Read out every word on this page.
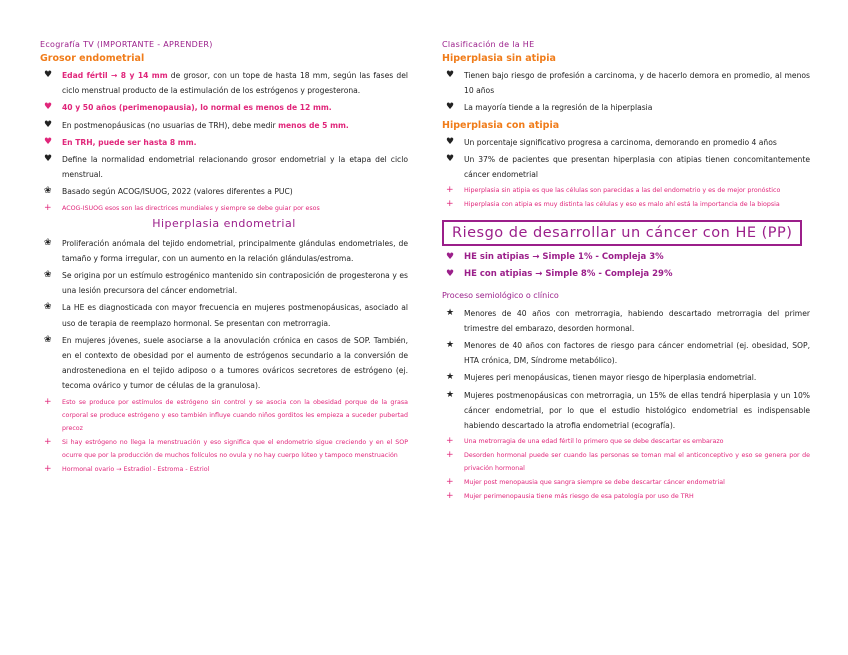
Ecografía TV (IMPORTANTE - APRENDER)
Grosor endometrial
♥ Edad fértil → 8 y 14 mm de grosor, con un tope de hasta 18 mm, según las fases del ciclo menstrual producto de la estimulación de los estrógenos y progesterona.
♥ 40 y 50 años (perimenopausia), lo normal es menos de 12 mm.
♥ En postmenopáusicas (no usuarias de TRH), debe medir menos de 5 mm.
♥ En TRH, puede ser hasta 8 mm.
♥ Define la normalidad endometrial relacionando grosor endometrial y la etapa del ciclo menstrual.
❀ Basado según ACOG/ISUOG, 2022 (valores diferentes a PUC)
+ ACOG-ISUOG esos son las directrices mundiales y siempre se debe guiar por esos
Hiperplasia endometrial
❀ Proliferación anómala del tejido endometrial, principalmente glándulas endometriales, de tamaño y forma irregular, con un aumento en la relación glándulas/estroma.
❀ Se origina por un estímulo estrogénico mantenido sin contraposición de progesterona y es una lesión precursora del cáncer endometrial.
❀ La HE es diagnosticada con mayor frecuencia en mujeres postmenopáusicas, asociado al uso de terapia de reemplazo hormonal. Se presentan con metrorragia.
❀ En mujeres jóvenes, suele asociarse a la anovulación crónica en casos de SOP. También, en el contexto de obesidad por el aumento de estrógenos secundario a la conversión de androstenediona en el tejido adiposo o a tumores ováricos secretores de estrógeno (ej. tecoma ovárico y tumor de células de la granulosa).
+ Esto se produce por estímulos de estrógeno sin control y se asocia con la obesidad porque de la grasa corporal se produce estrógeno y eso también influye cuando niños gorditos les empieza a suceder pubertad precoz
+ Si hay estrógeno no llega la menstruación y eso significa que el endometrio sigue creciendo y en el SOP ocurre que por la producción de muchos folículos no ovula y no hay cuerpo lúteo y tampoco menstruación
+ Hormonal ovario → Estradiol - Estroma - Estriol
Clasificación de la HE
Hiperplasia sin atipia
♥ Tienen bajo riesgo de profesión a carcinoma, y de hacerlo demora en promedio, al menos 10 años
♥ La mayoría tiende a la regresión de la hiperplasia
Hiperplasia con atipia
♥ Un porcentaje significativo progresa a carcinoma, demorando en promedio 4 años
♥ Un 37% de pacientes que presentan hiperplasia con atipias tienen concomitantemente cáncer endometrial
+ Hiperplasia sin atipia es que las células son parecidas a las del endometrio y es de mejor pronóstico
+ Hiperplasia con atipia es muy distinta las células y eso es malo ahí está la importancia de la biopsia
Riesgo de desarrollar un cáncer con HE (PP)
♥ HE sin atipias → Simple 1% - Compleja 3%
♥ HE con atipias → Simple 8% - Compleja 29%
Proceso semiológico o clínico
★ Menores de 40 años con metrorragia, habiendo descartado metrorragia del primer trimestre del embarazo, desorden hormonal.
★ Menores de 40 años con factores de riesgo para cáncer endometrial (ej. obesidad, SOP, HTA crónica, DM, Síndrome metabólico).
★ Mujeres peri menopáusicas, tienen mayor riesgo de hiperplasia endometrial.
★ Mujeres postmenopáusicas con metrorragia, un 15% de ellas tendrá hiperplasia y un 10% cáncer endometrial, por lo que el estudio histológico endometrial es indispensable habiendo descartado la atrofia endometrial (ecografía).
+ Una metrorragia de una edad fértil lo primero que se debe descartar es embarazo
+ Desorden hormonal puede ser cuando las personas se toman mal el anticonceptivo y eso se genera por de privación hormonal
+ Mujer post menopausia que sangra siempre se debe descartar cáncer endometrial
+ Mujer perimenopausia tiene más riesgo de esa patología por uso de TRH
